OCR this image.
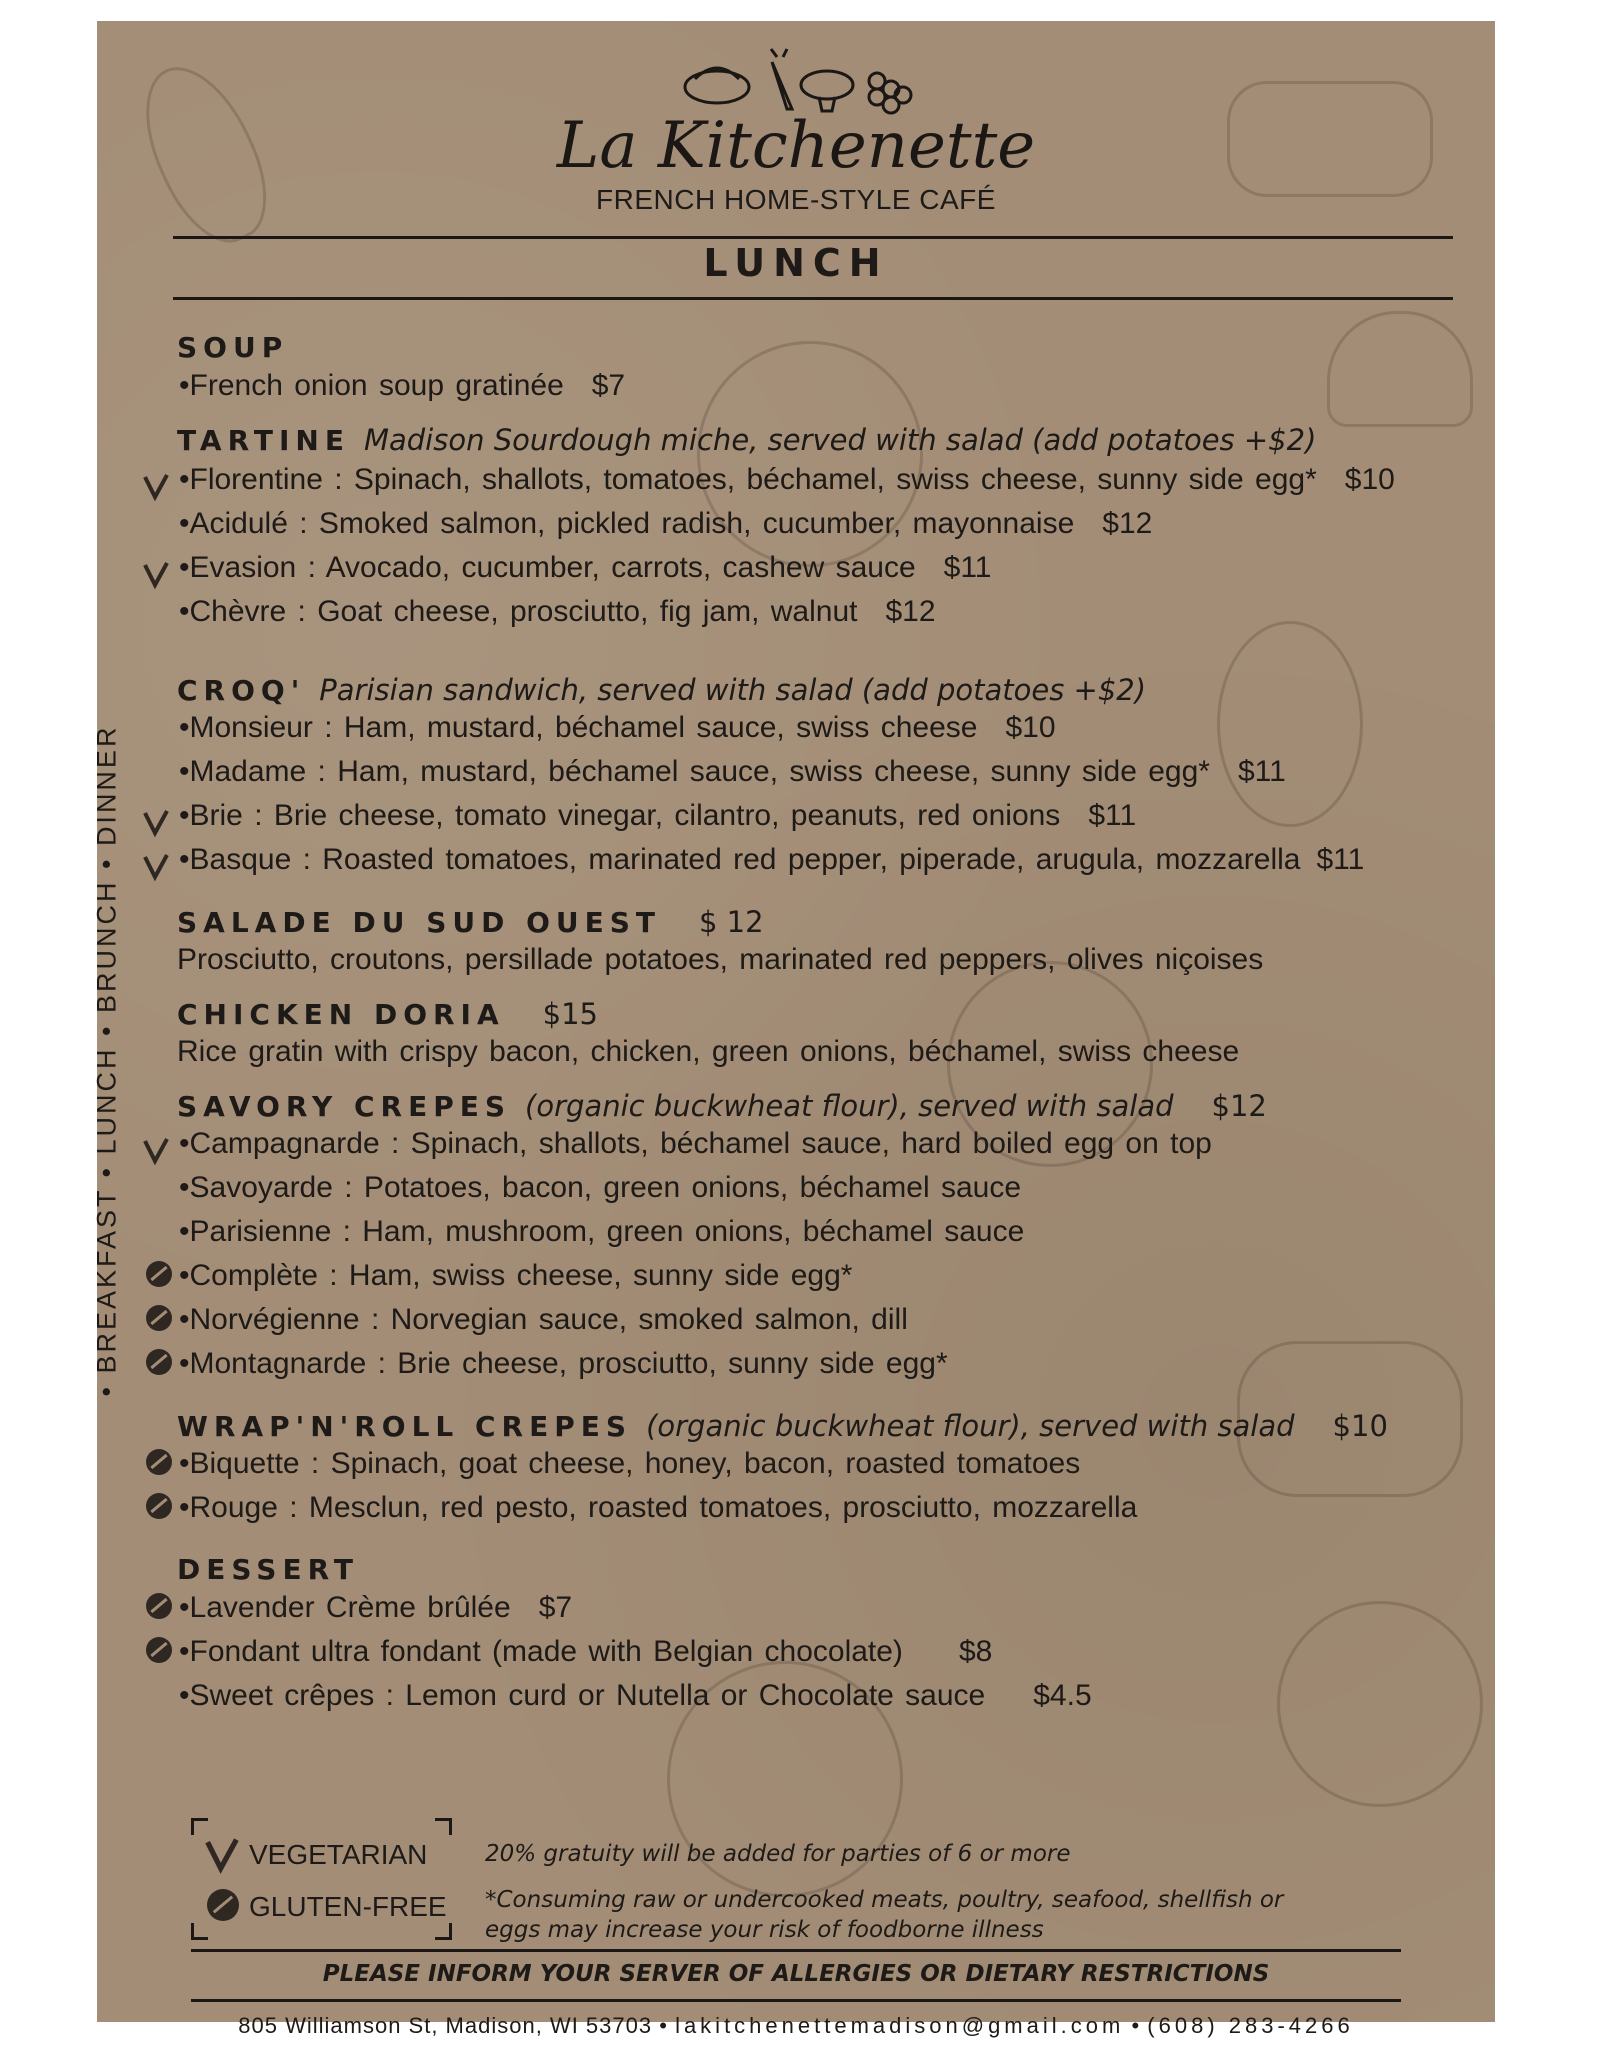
La Kitchenette
FRENCH HOME-STYLE CAFÉ
LUNCH
• BREAKFAST • LUNCH • BRUNCH • DINNER
SOUP
•French onion soup gratinée $7
TARTINE Madison Sourdough miche, served with salad (add potatoes +$2)
•Florentine : Spinach, shallots, tomatoes, béchamel, swiss cheese, sunny side egg* $10
•Acidulé : Smoked salmon, pickled radish, cucumber, mayonnaise $12
•Evasion : Avocado, cucumber, carrots, cashew sauce $11
•Chèvre : Goat cheese, prosciutto, fig jam, walnut $12
CROQ' Parisian sandwich, served with salad (add potatoes +$2)
•Monsieur : Ham, mustard, béchamel sauce, swiss cheese $10
•Madame : Ham, mustard, béchamel sauce, swiss cheese, sunny side egg* $11
•Brie : Brie cheese, tomato vinegar, cilantro, peanuts, red onions $11
•Basque : Roasted tomatoes, marinated red pepper, piperade, arugula, mozzarella $11
SALADE DU SUD OUEST $ 12
Prosciutto, croutons, persillade potatoes, marinated red peppers, olives niçoises
CHICKEN DORIA $15
Rice gratin with crispy bacon, chicken, green onions, béchamel, swiss cheese
SAVORY CREPES (organic buckwheat flour), served with salad $12
•Campagnarde : Spinach, shallots, béchamel sauce, hard boiled egg on top
•Savoyarde : Potatoes, bacon, green onions, béchamel sauce
•Parisienne : Ham, mushroom, green onions, béchamel sauce
•Complète : Ham, swiss cheese, sunny side egg*
•Norvégienne : Norvegian sauce, smoked salmon, dill
•Montagnarde : Brie cheese, prosciutto, sunny side egg*
WRAP'N'ROLL CREPES (organic buckwheat flour), served with salad $10
•Biquette : Spinach, goat cheese, honey, bacon, roasted tomatoes
•Rouge : Mesclun, red pesto, roasted tomatoes, prosciutto, mozzarella
DESSERT
•Lavender Crème brûlée $7
•Fondant ultra fondant (made with Belgian chocolate) $8
•Sweet crêpes : Lemon curd or Nutella or Chocolate sauce $4.5
VEGETARIAN
GLUTEN-FREE
20% gratuity will be added for parties of 6 or more
*Consuming raw or undercooked meats, poultry, seafood, shellfish or
eggs may increase your risk of foodborne illness
PLEASE INFORM YOUR SERVER OF ALLERGIES OR DIETARY RESTRICTIONS
805 Williamson St, Madison, WI 53703 • lakitchenettemadison@gmail.com • (608) 283-4266
